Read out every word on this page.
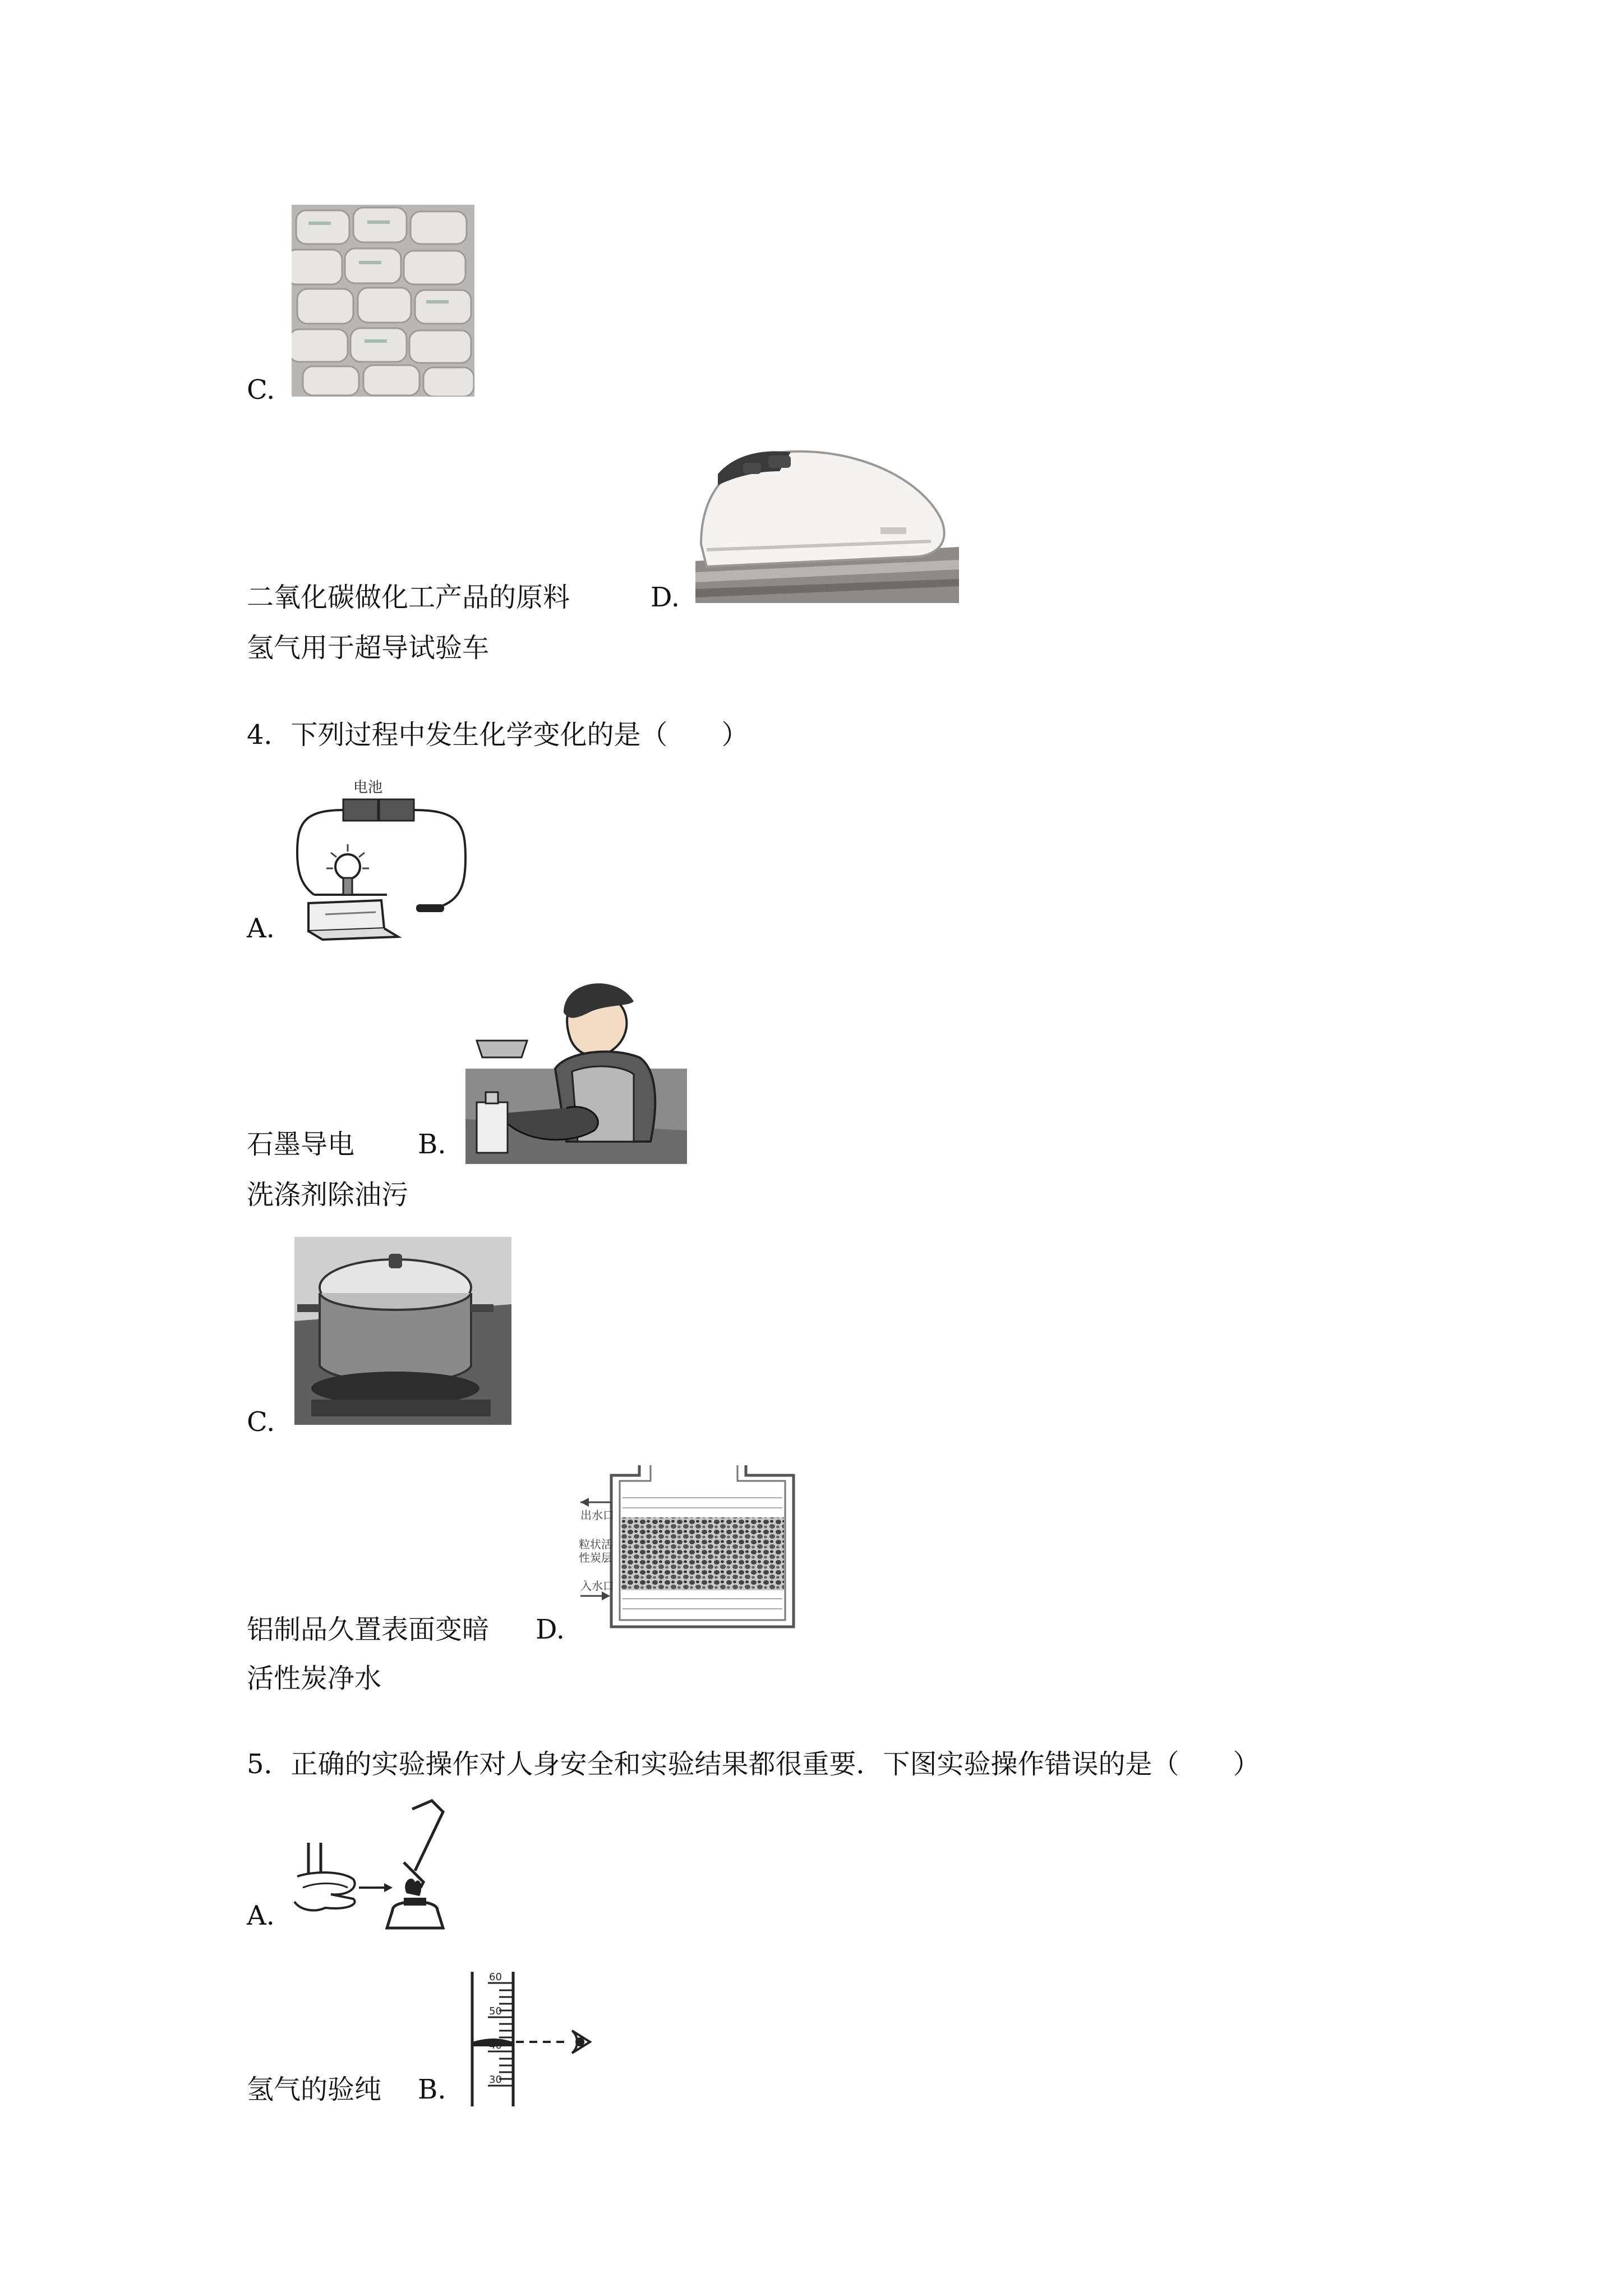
C.
二氧化碳做化工产品的原料	D.
氢气用于超导试验车
4．下列过程中发生化学变化的是（　　）
电池
A.
石墨导电 B.
洗涤剂除油污
C.
铝制品久置表面变暗 D.
出水口
粒状活
性炭层
入水口
活性炭净水
5．正确的实验操作对人身安全和实验结果都很重要．下图实验操作错误的是（　　）
A.
氢气的验纯 B.
60
50
30
